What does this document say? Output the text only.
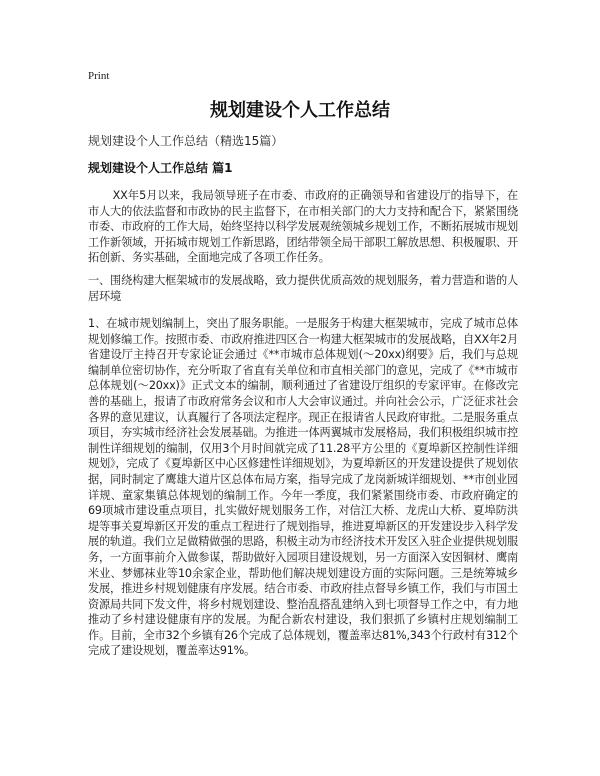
Print
规划建设个人工作总结
规划建设个人工作总结（精选15篇）
规划建设个人工作总结 篇1

XX年5月以来，我局领导班子在市委、市政府的正确领导和省建设厅的指导下，在市人大的依法监督和市政协的民主监督下，在市相关部门的大力支持和配合下，紧紧围绕市委、市政府的工作大局，始终坚持以科学发展观统领城乡规划工作，不断拓展城市规划工作新领域，开拓城市规划工作新思路，团结带领全局干部职工解放思想、积极履职、开拓创新、务实基础，全面地完成了各项工作任务。

一、围绕构建大框架城市的发展战略，致力提供优质高效的规划服务，着力营造和谐的人居环境

1、在城市规划编制上，突出了服务职能。一是服务于构建大框架城市，完成了城市总体规划修编工作。按照市委、市政府推进四区合一构建大框架城市的发展战略，自XX年2月省建设厅主持召开专家论证会通过《**市城市总体规划(～20xx)纲要》后，我们与总规编制单位密切协作，充分听取了省直有关单位和市直相关部门的意见，完成了《**市城市总体规划(～20xx)》正式文本的编制，顺利通过了省建设厅组织的专家评审。在修改完善的基础上，报请了市政府常务会议和市人大会审议通过。并向社会公示，广泛征求社会各界的意见建议，认真履行了各项法定程序。现正在报请省人民政府审批。二是服务重点项目，夯实城市经济社会发展基础。为推进一体两翼城市发展格局，我们积极组织城市控制性详细规划的编制，仅用3个月时间就完成了11.28平方公里的《夏埠新区控制性详细规划》，完成了《夏埠新区中心区修建性详细规划》，为夏埠新区的开发建设提供了规划依据，同时制定了鹰雄大道片区总体布局方案，指导完成了龙岗新城详细规划、**市创业园详规、童家集镇总体规划的编制工作。今年一季度，我们紧紧围绕市委、市政府确定的69项城市建设重点项目，扎实做好规划服务工作，对信江大桥、龙虎山大桥、夏埠防洪堤等事关夏埠新区开发的重点工程进行了规划指导，推进夏埠新区的开发建设步入科学发展的轨道。我们立足做精做强的思路，积极主动为市经济技术开发区入驻企业提供规划服务，一方面事前介入做参谋，帮助做好入园项目建设规划，另一方面深入安因铜材、鹰南米业、梦娜袜业等10余家企业，帮助他们解决规划建设方面的实际问题。三是统筹城乡发展，推进乡村规划健康有序发展。结合市委、市政府挂点督导乡镇工作，我们与市国土资源局共同下发文件，将乡村规划建设、整治乱搭乱建纳入到七项督导工作之中，有力地推动了乡村建设健康有序的发展。为配合新农村建设，我们狠抓了乡镇村庄规划编制工作。目前，全市32个乡镇有26个完成了总体规划，覆盖率达81%,343个行政村有312个完成了建设规划，覆盖率达91%。
